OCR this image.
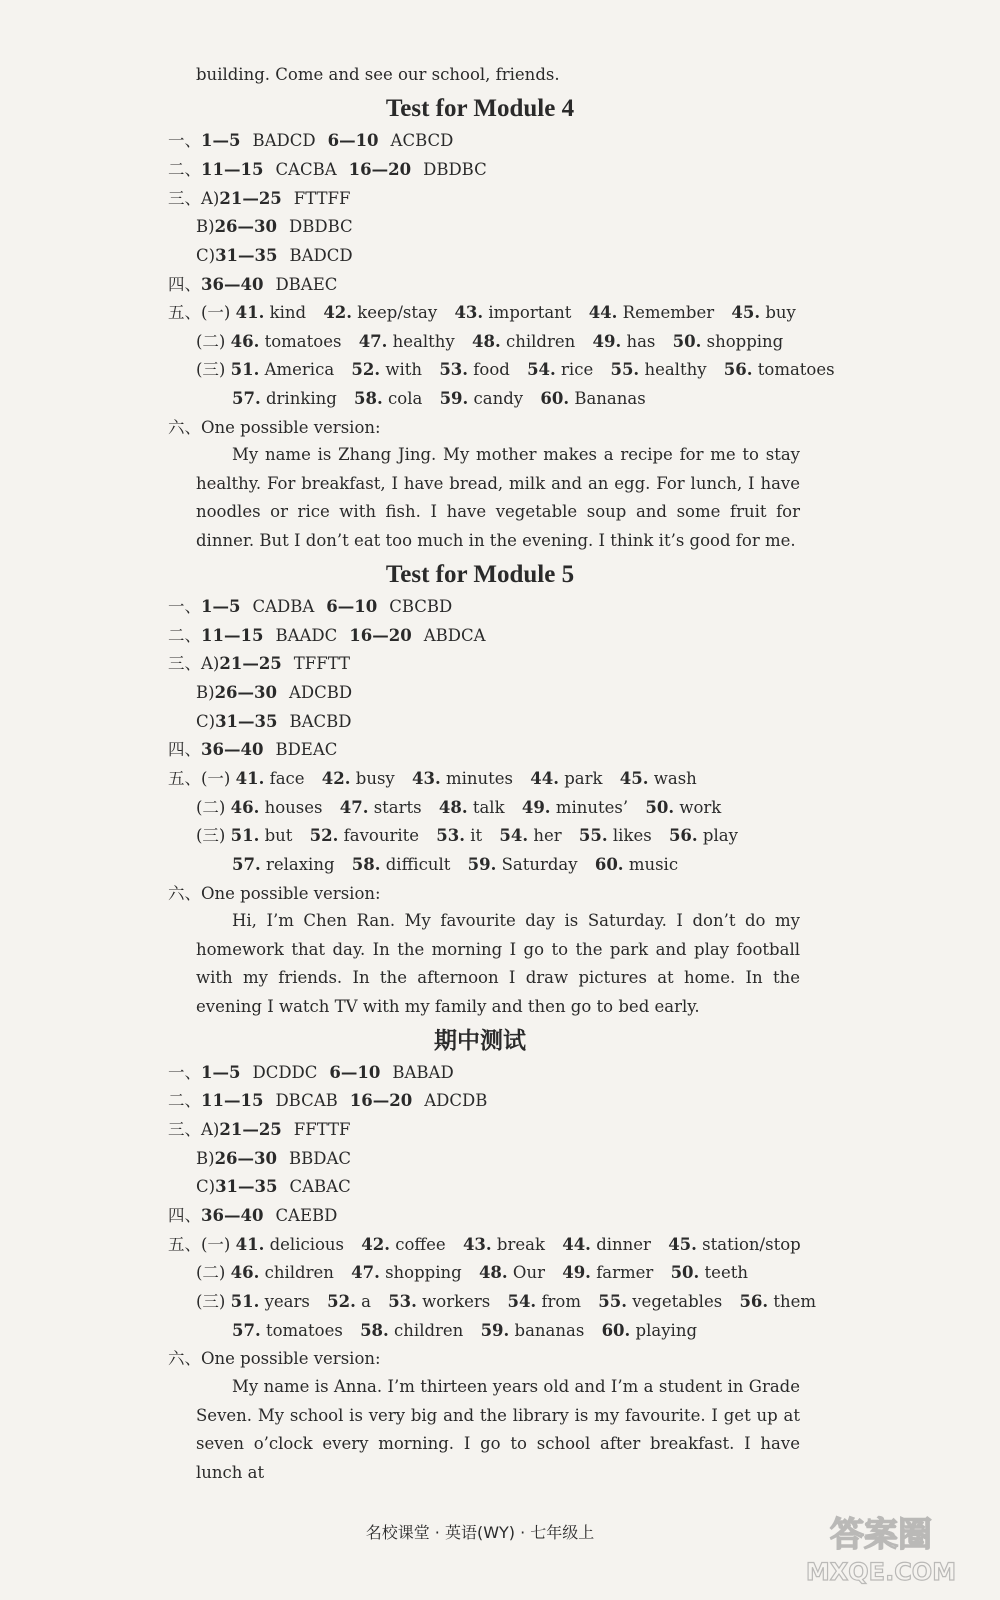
building. Come and see our school, friends.
Test for Module 4
一、1—5 BADCD 6—10 ACBCD
二、11—15 CACBA 16—20 DBDBC
三、A)21—25 FTTFF
B)26—30 DBDBC
C)31—35 BADCD
四、36—40 DBAEC
五、(一) 41. kind 42. keep/stay 43. important 44. Remember 45. buy
(二) 46. tomatoes 47. healthy 48. children 49. has 50. shopping
(三) 51. America 52. with 53. food 54. rice 55. healthy 56. tomatoes
57. drinking 58. cola 59. candy 60. Bananas
六、One possible version:
My name is Zhang Jing. My mother makes a recipe for me to stay healthy. For breakfast, I have bread, milk and an egg. For lunch, I have noodles or rice with fish. I have vegetable soup and some fruit for dinner. But I don’t eat too much in the evening. I think it’s good for me.
Test for Module 5
一、1—5 CADBA 6—10 CBCBD
二、11—15 BAADC 16—20 ABDCA
三、A)21—25 TFFTT
B)26—30 ADCBD
C)31—35 BACBD
四、36—40 BDEAC
五、(一) 41. face 42. busy 43. minutes 44. park 45. wash
(二) 46. houses 47. starts 48. talk 49. minutes’ 50. work
(三) 51. but 52. favourite 53. it 54. her 55. likes 56. play
57. relaxing 58. difficult 59. Saturday 60. music
六、One possible version:
Hi, I’m Chen Ran. My favourite day is Saturday. I don’t do my homework that day. In the morning I go to the park and play football with my friends. In the afternoon I draw pictures at home. In the evening I watch TV with my family and then go to bed early.
期中测试
一、1—5 DCDDC 6—10 BABAD
二、11—15 DBCAB 16—20 ADCDB
三、A)21—25 FFTTF
B)26—30 BBDAC
C)31—35 CABAC
四、36—40 CAEBD
五、(一) 41. delicious 42. coffee 43. break 44. dinner 45. station/stop
(二) 46. children 47. shopping 48. Our 49. farmer 50. teeth
(三) 51. years 52. a 53. workers 54. from 55. vegetables 56. them
57. tomatoes 58. children 59. bananas 60. playing
六、One possible version:
My name is Anna. I’m thirteen years old and I’m a student in Grade Seven. My school is very big and the library is my favourite. I get up at seven o’clock every morning. I go to school after breakfast. I have lunch at
名校课堂 · 英语(WY) · 七年级上	答案圈
MXQE.COM
